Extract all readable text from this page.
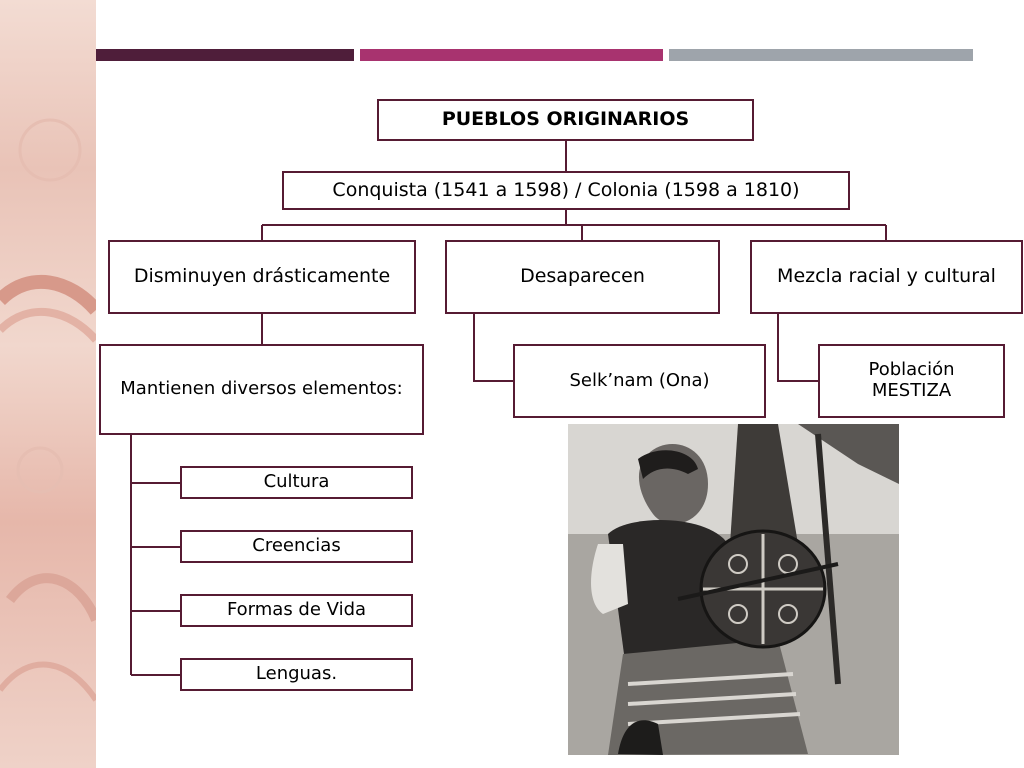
PUEBLOS ORIGINARIOS
Conquista (1541 a 1598) / Colonia (1598 a 1810)
Disminuyen drásticamente	Desaparecen	Mezcla racial y cultural
Mantienen diversos elementos:	Selk’nam (Ona)	Población
MESTIZA
Cultura
Creencias
Formas de Vida
Lenguas.
